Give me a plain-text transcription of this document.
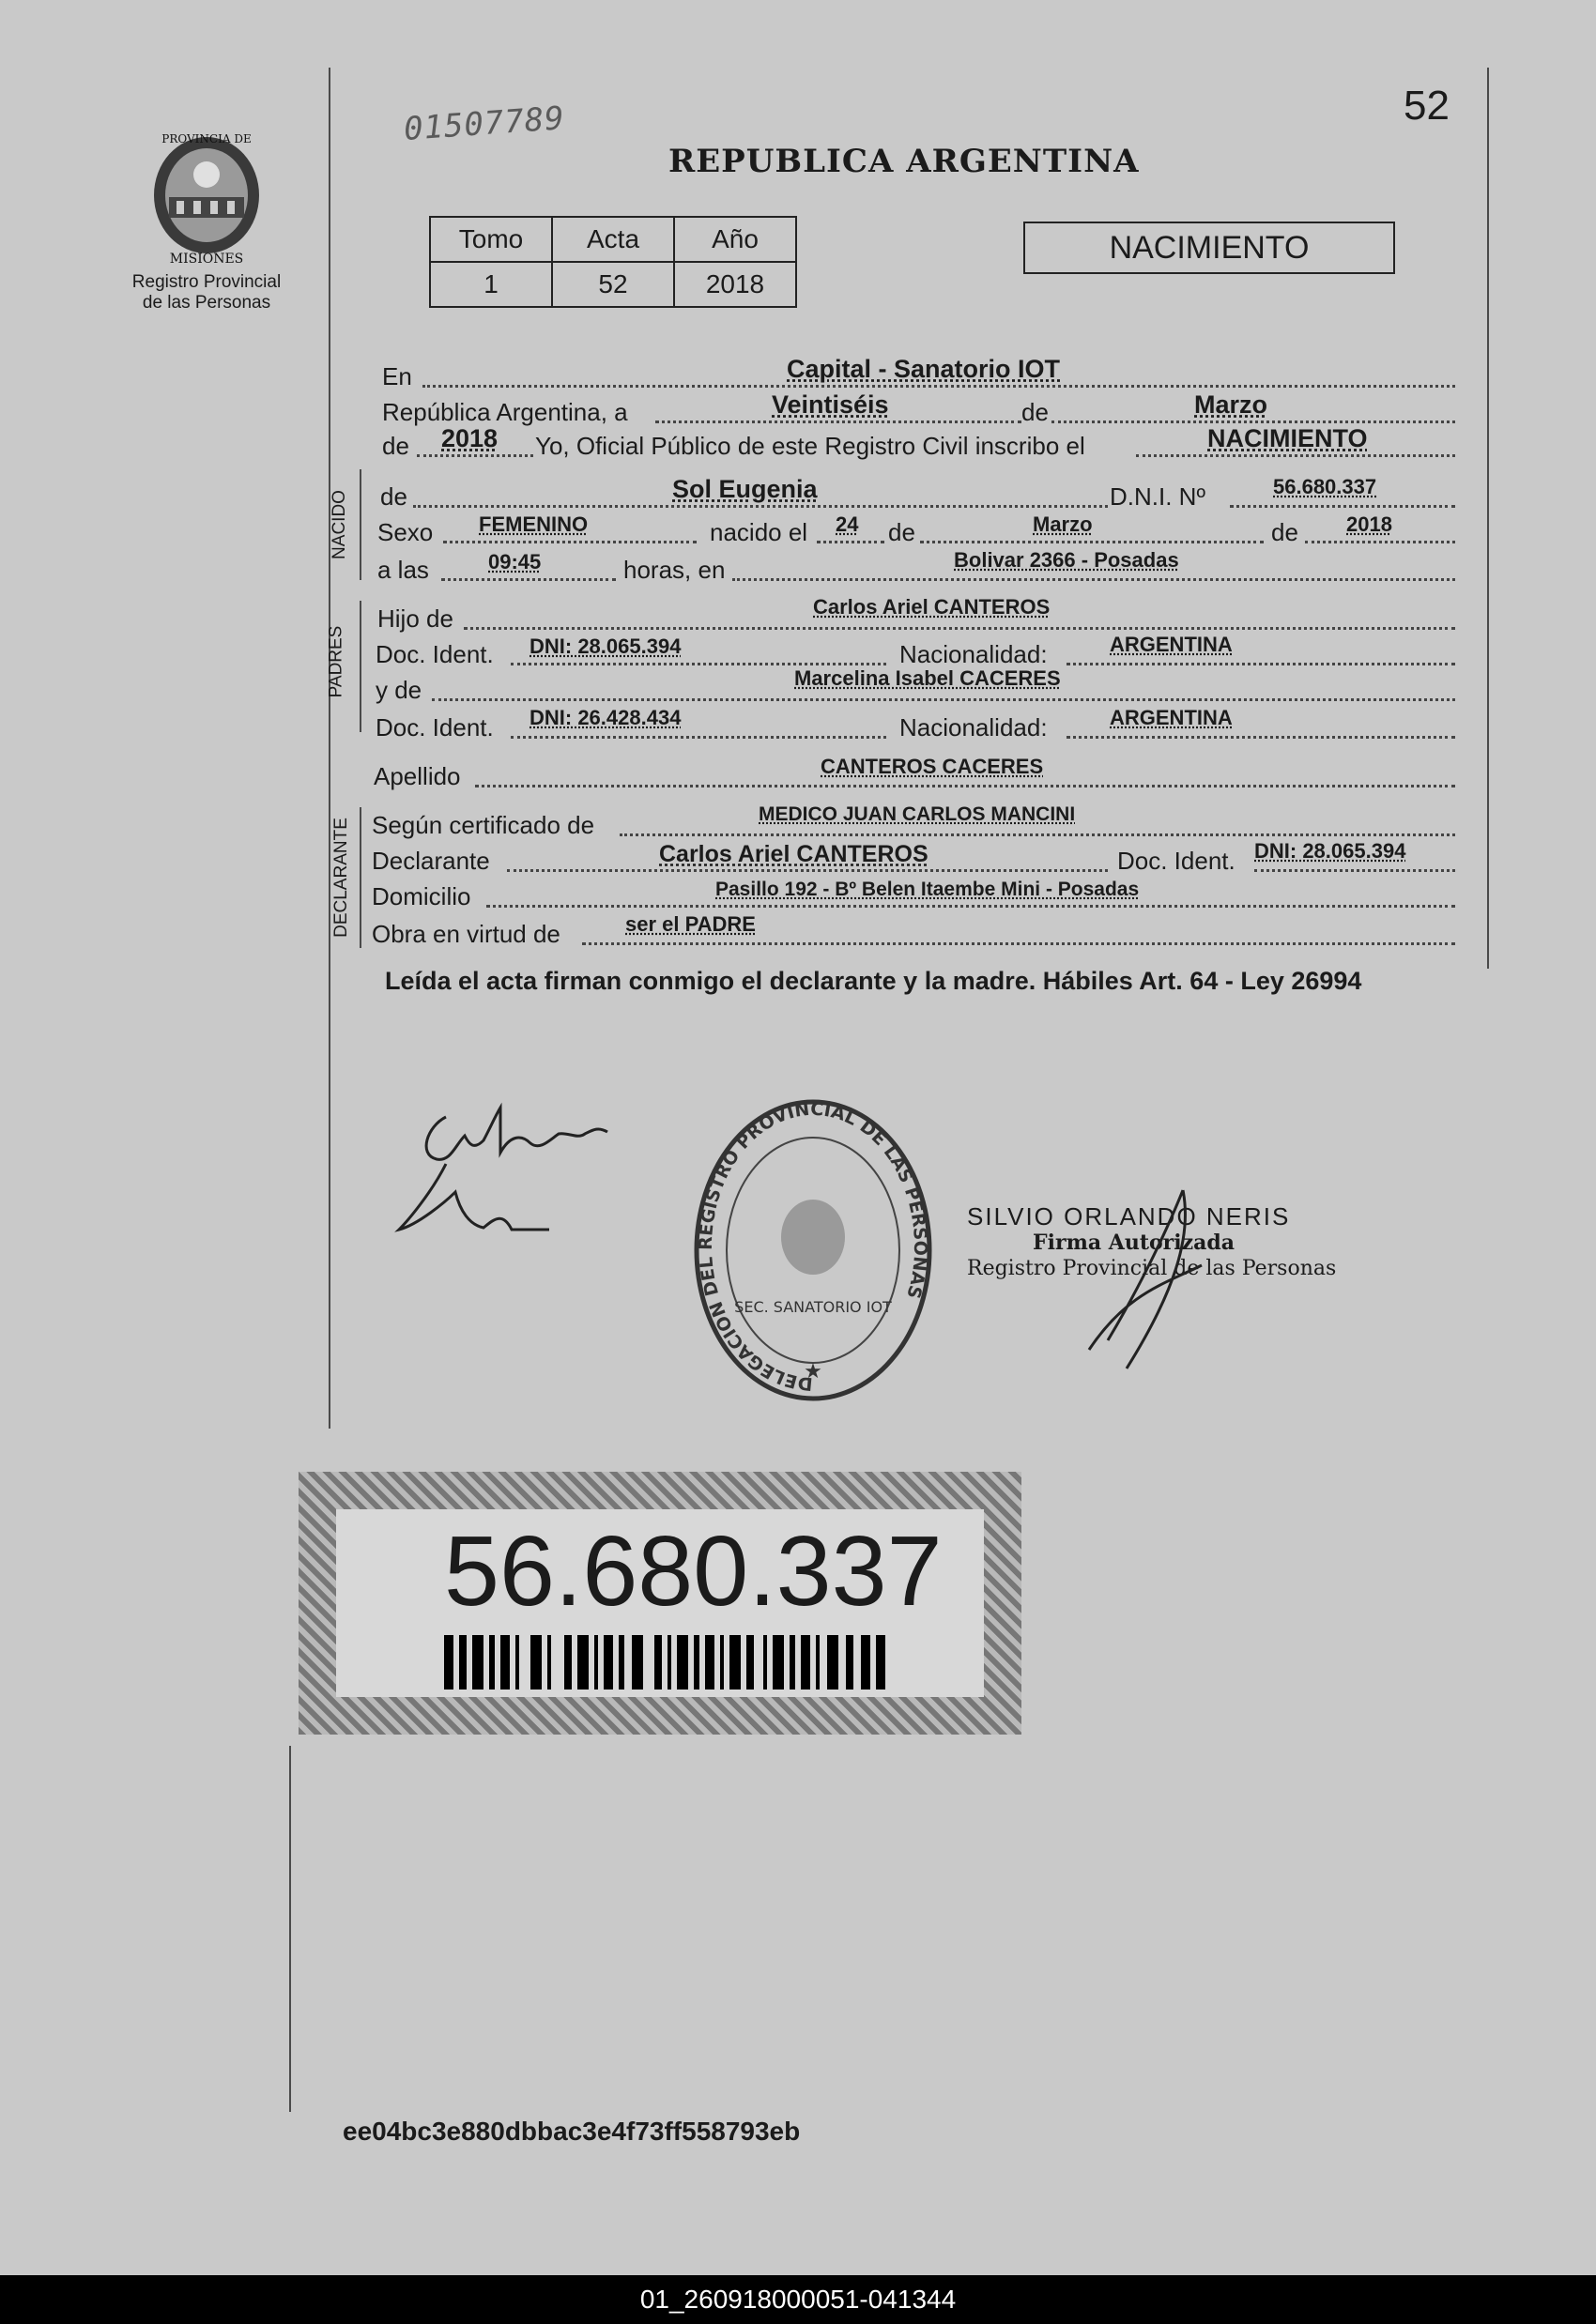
PROVINCIA DE
MISIONES
Registro Provincial
de las Personas
01507789	52
REPUBLICA ARGENTINA
Tomo	Acta	Año
1	52	2018
NACIMIENTO
En	Capital - Sanatorio IOT
República Argentina, a	Veintiséis	de	Marzo
de 2018 Yo, Oficial Público de este Registro Civil inscribo el	NACIMIENTO
NACIDO de	Sol Eugenia	D.N.I. Nº	56.680.337
Sexo FEMENINO	nacido el 24 de	Marzo	de 2018
a las	09:45	horas, en	Bolivar 2366 - Posadas
PADRES
Hijo de	Carlos Ariel CANTEROS
Doc. Ident. DNI: 28.065.394	Nacionalidad:	ARGENTINA
y de	Marcelina Isabel CACERES
Doc. Ident. DNI: 26.428.434	Nacionalidad:	ARGENTINA
Apellido	CANTEROS CACERES
DECLARANTE Según certificado de	MEDICO JUAN CARLOS MANCINI
Declarante	Carlos Ariel CANTEROS	Doc. Ident. DNI: 28.065.394
Domicilio	Pasillo 192 - Bº Belen Itaembe Mini - Posadas
Obra en virtud de	ser el PADRE
Leída el acta firman conmigo el declarante y la madre. Hábiles Art. 64 - Ley 26994
Canteros
DELEGACION DEL REGISTRO PROVINCIAL DE LAS PERSONAS
SEC. SANATORIO IOT
★
SILVIO ORLANDO NERIS
Firma Autorizada
Registro Provincial de las Personas
56.680.337
ee04bc3e880dbbac3e4f73ff558793eb
01_260918000051-041344
